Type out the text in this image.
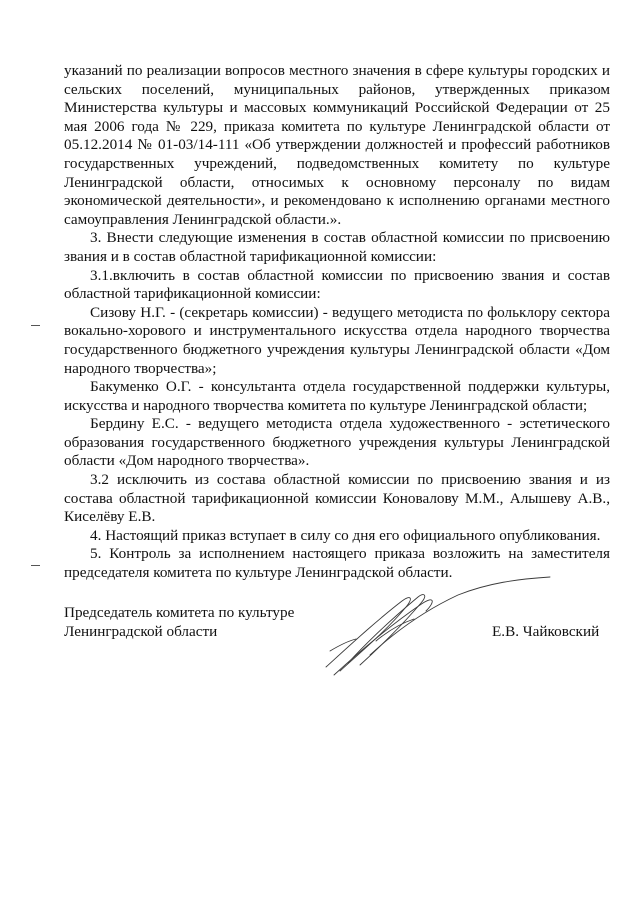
указаний по реализации вопросов местного значения в сфере культуры городских и сельских поселений, муниципальных районов, утвержденных приказом Министерства культуры и массовых коммуникаций Российской Федерации от 25 мая 2006 года № 229, приказа комитета по культуре Ленинградской области от 05.12.2014 № 01-03/14-111 «Об утверждении должностей и профессий работников государственных учреждений, подведомственных комитету по культуре Ленинградской области, относимых к основному персоналу по видам экономической деятельности», и рекомендовано к исполнению органами местного самоуправления Ленинградской области.».

3. Внести следующие изменения в состав областной комиссии по присвоению звания и в состав областной тарификационной комиссии:

3.1.включить в состав областной комиссии по присвоению звания и состав областной тарификационной комиссии:

Сизову Н.Г. - (секретарь комиссии) - ведущего методиста по фольклору сектора вокально-хорового и инструментального искусства отдела народного творчества государственного бюджетного учреждения культуры Ленинградской области «Дом народного творчества»;

Бакуменко О.Г. - консультанта отдела государственной поддержки культуры, искусства и народного творчества комитета по культуре Ленинградской области;

Бердину Е.С. - ведущего методиста отдела художественного - эстетического образования государственного бюджетного учреждения культуры Ленинградской области «Дом народного творчества».

3.2 исключить из состава областной комиссии по присвоению звания и из состава областной тарификационной комиссии Коновалову М.М., Алышеву А.В., Киселёву Е.В.

4. Настоящий приказ вступает в силу со дня его официального опубликования.

5. Контроль за исполнением настоящего приказа возложить на заместителя председателя комитета по культуре Ленинградской области.

Председатель комитета по культуре
Ленинградской области	Е.В. Чайковский
